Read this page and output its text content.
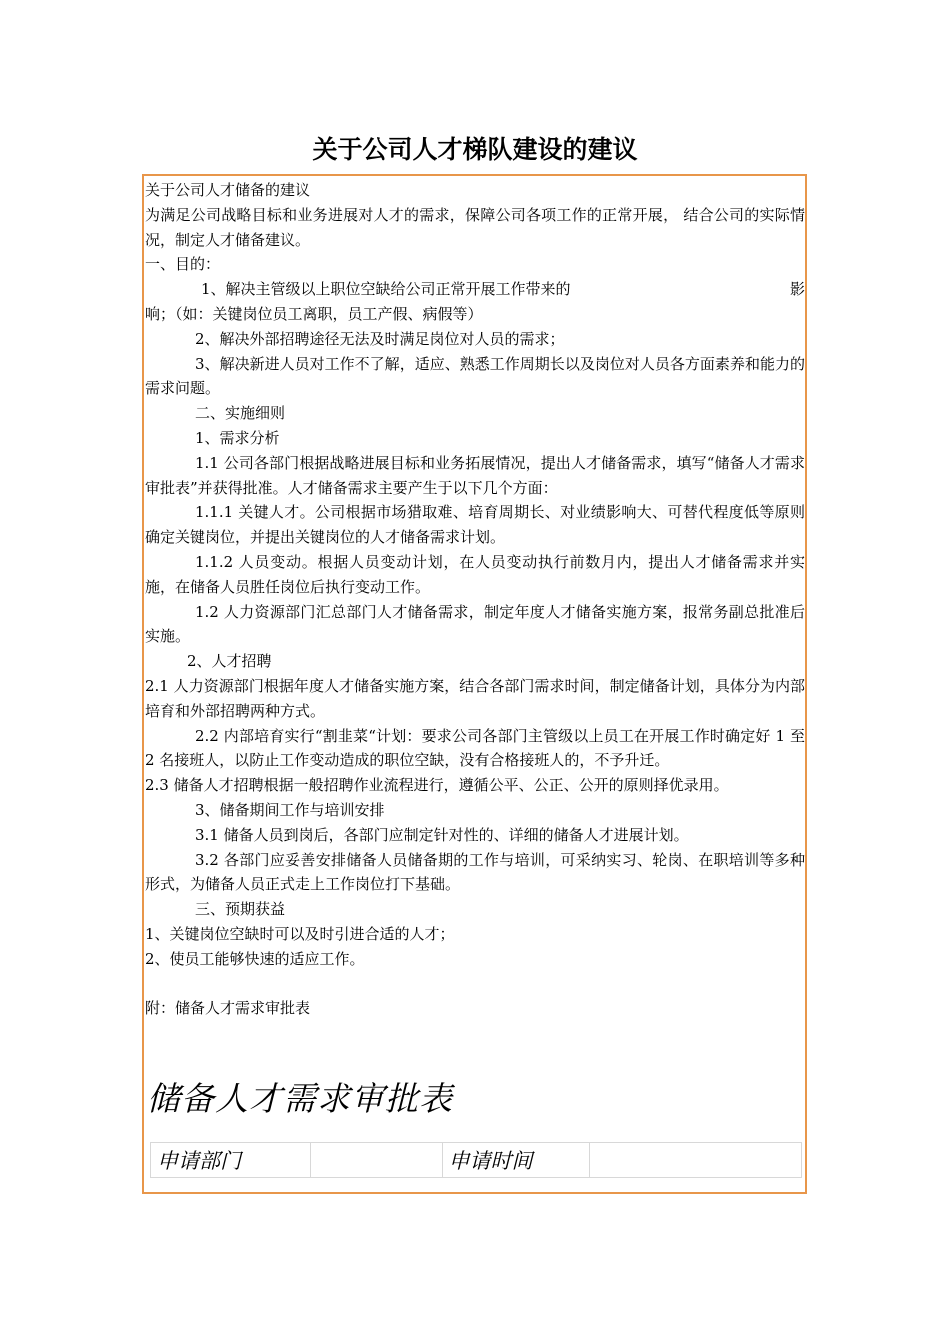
关于公司人才梯队建设的建议

关于公司人才储备的建议

为满足公司战略目标和业务进展对人才的需求，保障公司各项工作的正常开展， 结合公司的实际情况，制定人才储备建议。

一、目的：

1、解决主管级以上职位空缺给公司正常开展工作带来的	影

响；（如：关键岗位员工离职，员工产假、病假等）

2、解决外部招聘途径无法及时满足岗位对人员的需求；

3、解决新进人员对工作不了解，适应、熟悉工作周期长以及岗位对人员各方面素养和能力的需求问题。

二、实施细则

1、需求分析

1.1 公司各部门根据战略进展目标和业务拓展情况，提出人才储备需求，填写“储备人才需求审批表”并获得批准。人才储备需求主要产生于以下几个方面：

1.1.1 关键人才。公司根据市场猎取难、培育周期长、对业绩影响大、可替代程度低等原则确定关键岗位，并提出关键岗位的人才储备需求计划。

1.1.2 人员变动。根据人员变动计划，在人员变动执行前数月内，提出人才储备需求并实施，在储备人员胜任岗位后执行变动工作。

1.2 人力资源部门汇总部门人才储备需求，制定年度人才储备实施方案，报常务副总批准后实施。

2、人才招聘

2.1 人力资源部门根据年度人才储备实施方案，结合各部门需求时间，制定储备计划，具体分为内部培育和外部招聘两种方式。

2.2 内部培育实行“割韭菜“计划：要求公司各部门主管级以上员工在开展工作时确定好 1 至 2 名接班人，以防止工作变动造成的职位空缺，没有合格接班人的，不予升迁。

2.3 储备人才招聘根据一般招聘作业流程进行，遵循公平、公正、公开的原则择优录用。

3、储备期间工作与培训安排

3.1 储备人员到岗后，各部门应制定针对性的、详细的储备人才进展计划。

3.2 各部门应妥善安排储备人员储备期的工作与培训，可采纳实习、轮岗、在职培训等多种形式，为储备人员正式走上工作岗位打下基础。

三、预期获益

1、关键岗位空缺时可以及时引进合适的人才；

2、使员工能够快速的适应工作。

附：储备人才需求审批表

储备人才需求审批表
申请部门		申请时间	
